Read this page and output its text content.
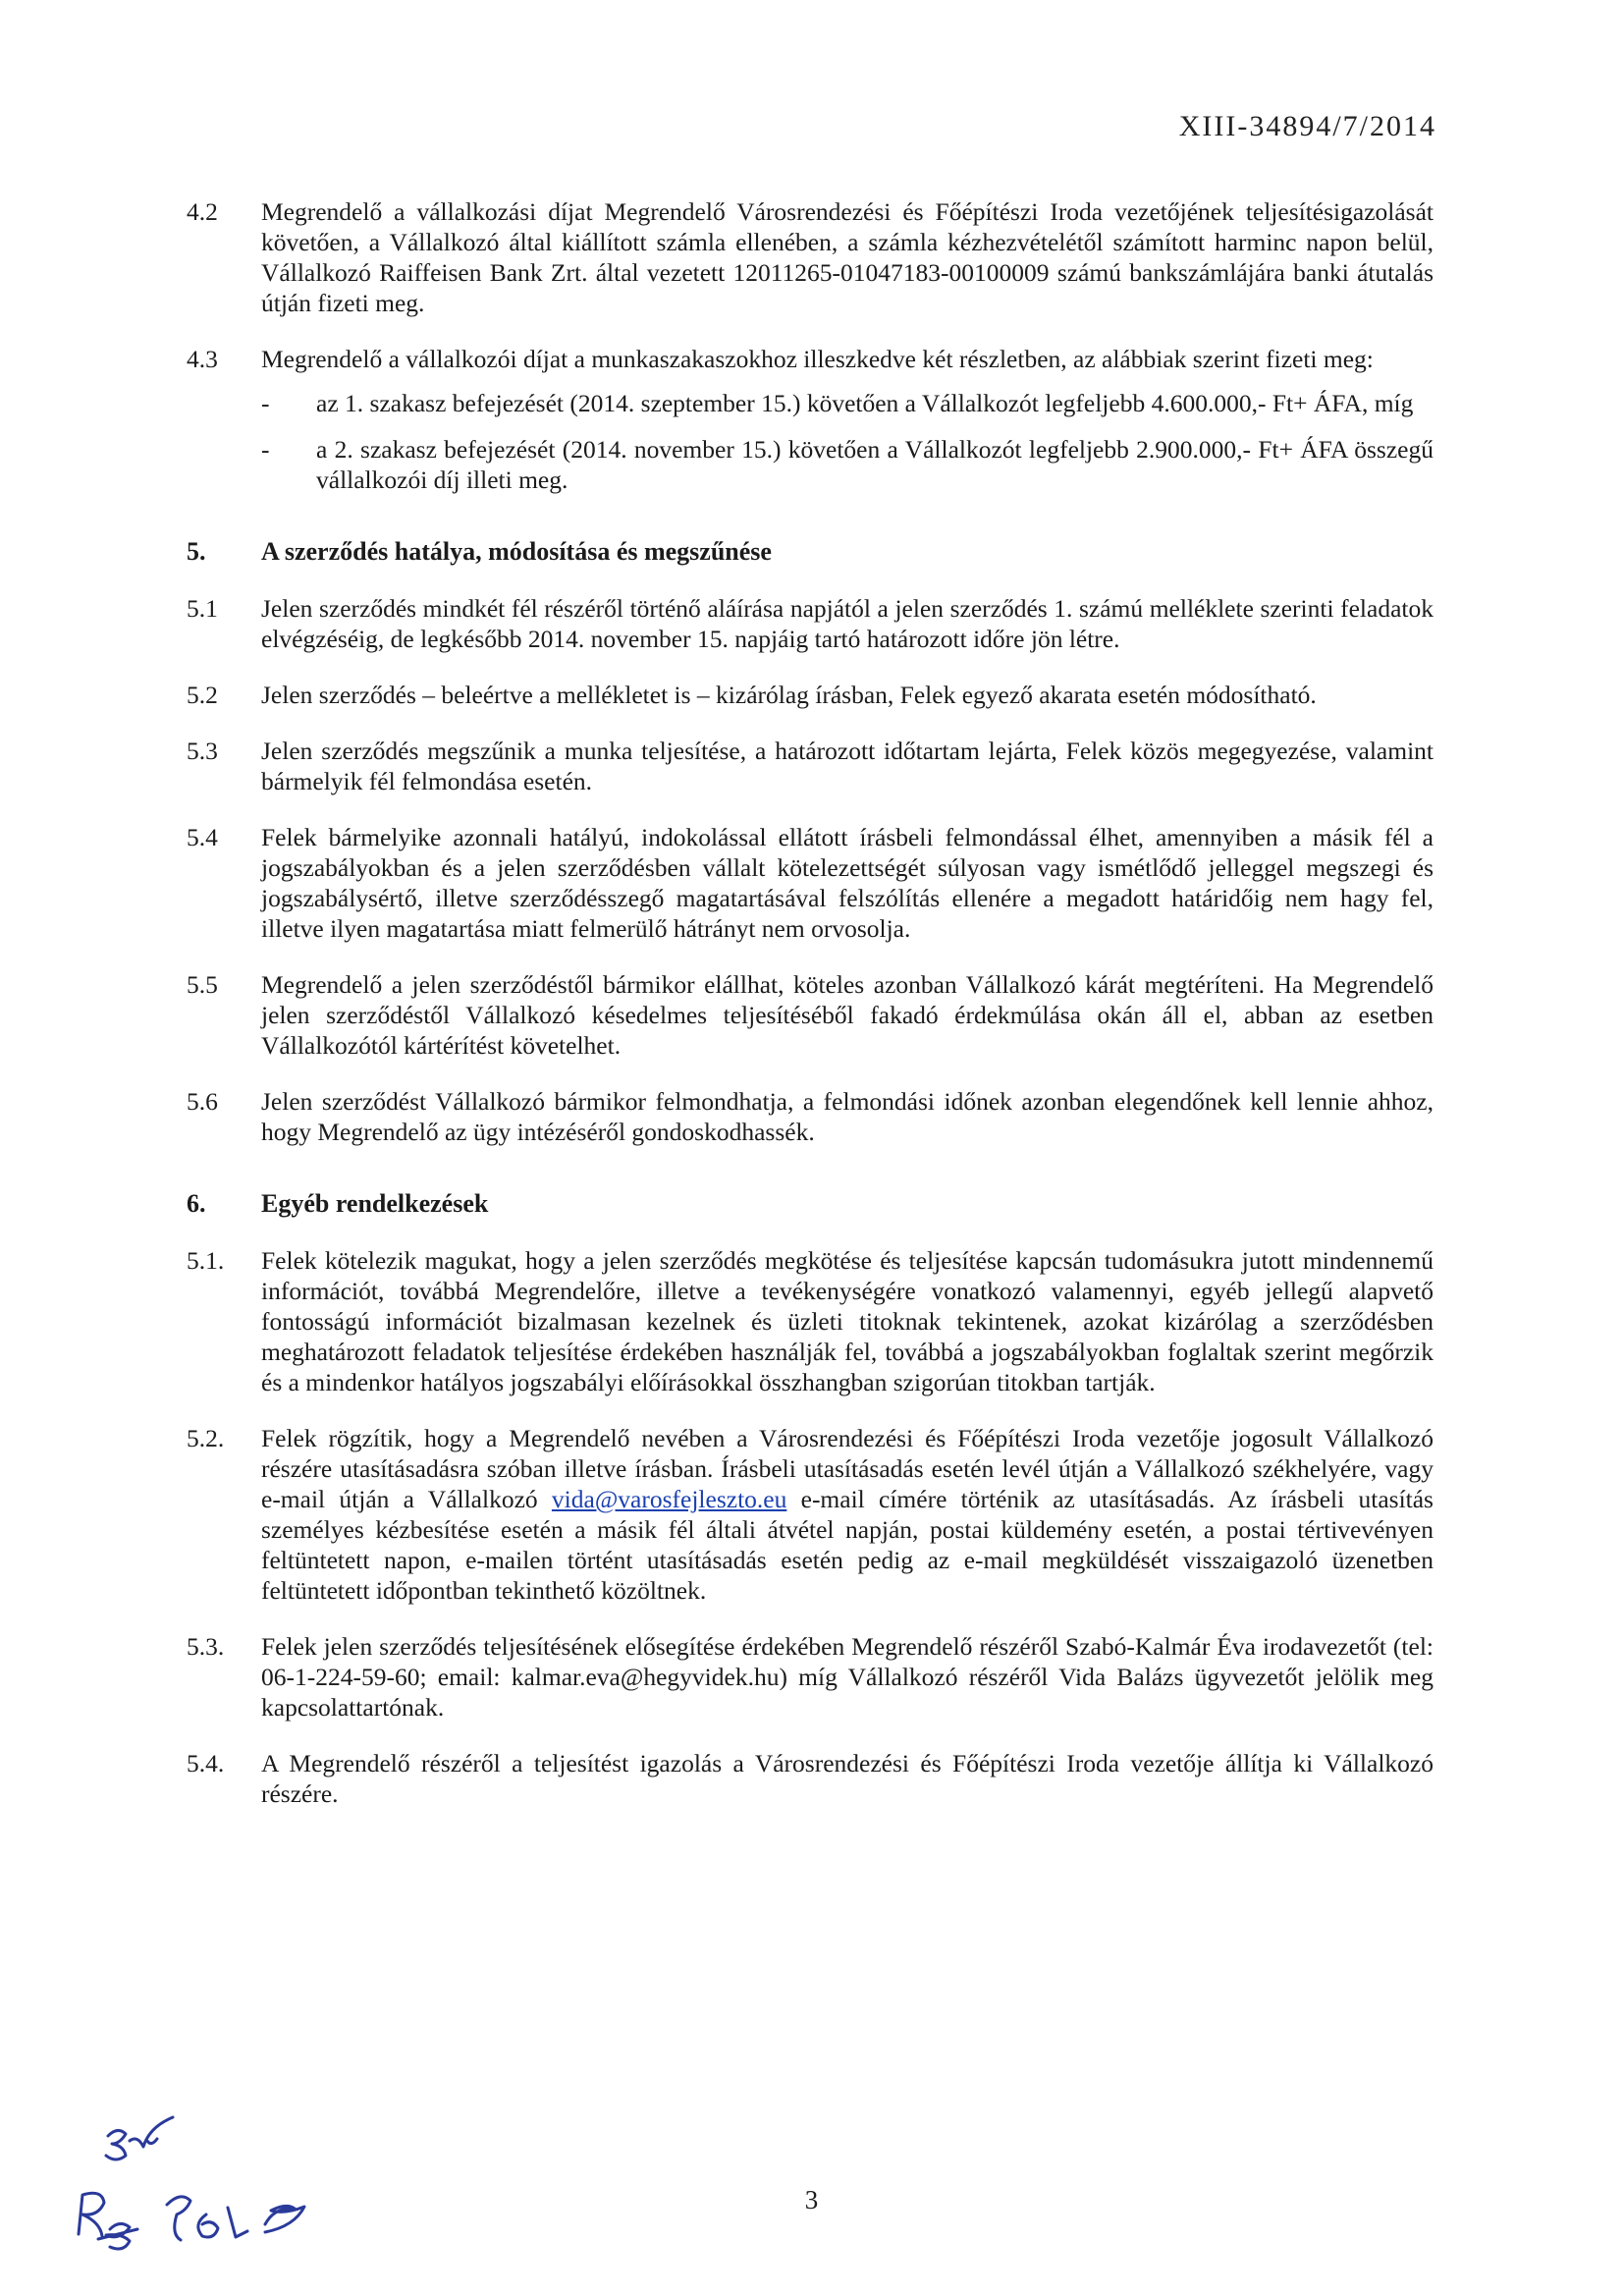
XIII-34894/7/2014
4.2	Megrendelő a vállalkozási díjat Megrendelő Városrendezési és Főépítészi Iroda vezetőjének teljesítésigazolását követően, a Vállalkozó által kiállított számla ellenében, a számla kézhezvételétől számított harminc napon belül, Vállalkozó Raiffeisen Bank Zrt. által vezetett 12011265-01047183-00100009 számú bankszámlájára banki átutalás útján fizeti meg.
4.3	Megrendelő a vállalkozói díjat a munkaszakaszokhoz illeszkedve két részletben, az alábbiak szerint fizeti meg:
- az 1. szakasz befejezését (2014. szeptember 15.) követően a Vállalkozót legfeljebb 4.600.000,- Ft+ ÁFA, míg
- a 2. szakasz befejezését (2014. november 15.) követően a Vállalkozót legfeljebb 2.900.000,- Ft+ ÁFA összegű vállalkozói díj illeti meg.
5.	A szerződés hatálya, módosítása és megszűnése
5.1	Jelen szerződés mindkét fél részéről történő aláírása napjától a jelen szerződés 1. számú melléklete szerinti feladatok elvégzéséig, de legkésőbb 2014. november 15. napjáig tartó határozott időre jön létre.
5.2	Jelen szerződés – beleértve a mellékletet is – kizárólag írásban, Felek egyező akarata esetén módosítható.
5.3	Jelen szerződés megszűnik a munka teljesítése, a határozott időtartam lejárta, Felek közös megegyezése, valamint bármelyik fél felmondása esetén.
5.4	Felek bármelyike azonnali hatályú, indokolással ellátott írásbeli felmondással élhet, amennyiben a másik fél a jogszabályokban és a jelen szerződésben vállalt kötelezettségét súlyosan vagy ismétlődő jelleggel megszegi és jogszabálysértő, illetve szerződésszegő magatartásával felszólítás ellenére a megadott határidőig nem hagy fel, illetve ilyen magatartása miatt felmerülő hátrányt nem orvosolja.
5.5	Megrendelő a jelen szerződéstől bármikor elállhat, köteles azonban Vállalkozó kárát megtéríteni. Ha Megrendelő jelen szerződéstől Vállalkozó késedelmes teljesítéséből fakadó érdekmúlása okán áll el, abban az esetben Vállalkozótól kártérítést követelhet.
5.6	Jelen szerződést Vállalkozó bármikor felmondhatja, a felmondási időnek azonban elegendőnek kell lennie ahhoz, hogy Megrendelő az ügy intézéséről gondoskodhassék.
6.	Egyéb rendelkezések
5.1.	Felek kötelezik magukat, hogy a jelen szerződés megkötése és teljesítése kapcsán tudomásukra jutott mindennemű információt, továbbá Megrendelőre, illetve a tevékenységére vonatkozó valamennyi, egyéb jellegű alapvető fontosságú információt bizalmasan kezelnek és üzleti titoknak tekintenek, azokat kizárólag a szerződésben meghatározott feladatok teljesítése érdekében használják fel, továbbá a jogszabályokban foglaltak szerint megőrzik és a mindenkor hatályos jogszabályi előírásokkal összhangban szigorúan titokban tartják.
5.2.	Felek rögzítik, hogy a Megrendelő nevében a Városrendezési és Főépítészi Iroda vezetője jogosult Vállalkozó részére utasításadásra szóban illetve írásban. Írásbeli utasításadás esetén levél útján a Vállalkozó székhelyére, vagy e-mail útján a Vállalkozó vida@varosfejleszto.eu e-mail címére történik az utasításadás. Az írásbeli utasítás személyes kézbesítése esetén a másik fél általi átvétel napján, postai küldemény esetén, a postai tértivevényen feltüntetett napon, e-mailen történt utasításadás esetén pedig az e-mail megküldését visszaigazoló üzenetben feltüntetett időpontban tekinthető közöltnek.
5.3.	Felek jelen szerződés teljesítésének elősegítése érdekében Megrendelő részéről Szabó-Kalmár Éva irodavezetőt (tel: 06-1-224-59-60; email: kalmar.eva@hegyvidek.hu) míg Vállalkozó részéről Vida Balázs ügyvezetőt jelölik meg kapcsolattartónak.
5.4.	A Megrendelő részéről a teljesítést igazolás a Városrendezési és Főépítészi Iroda vezetője állítja ki Vállalkozó részére.
3
